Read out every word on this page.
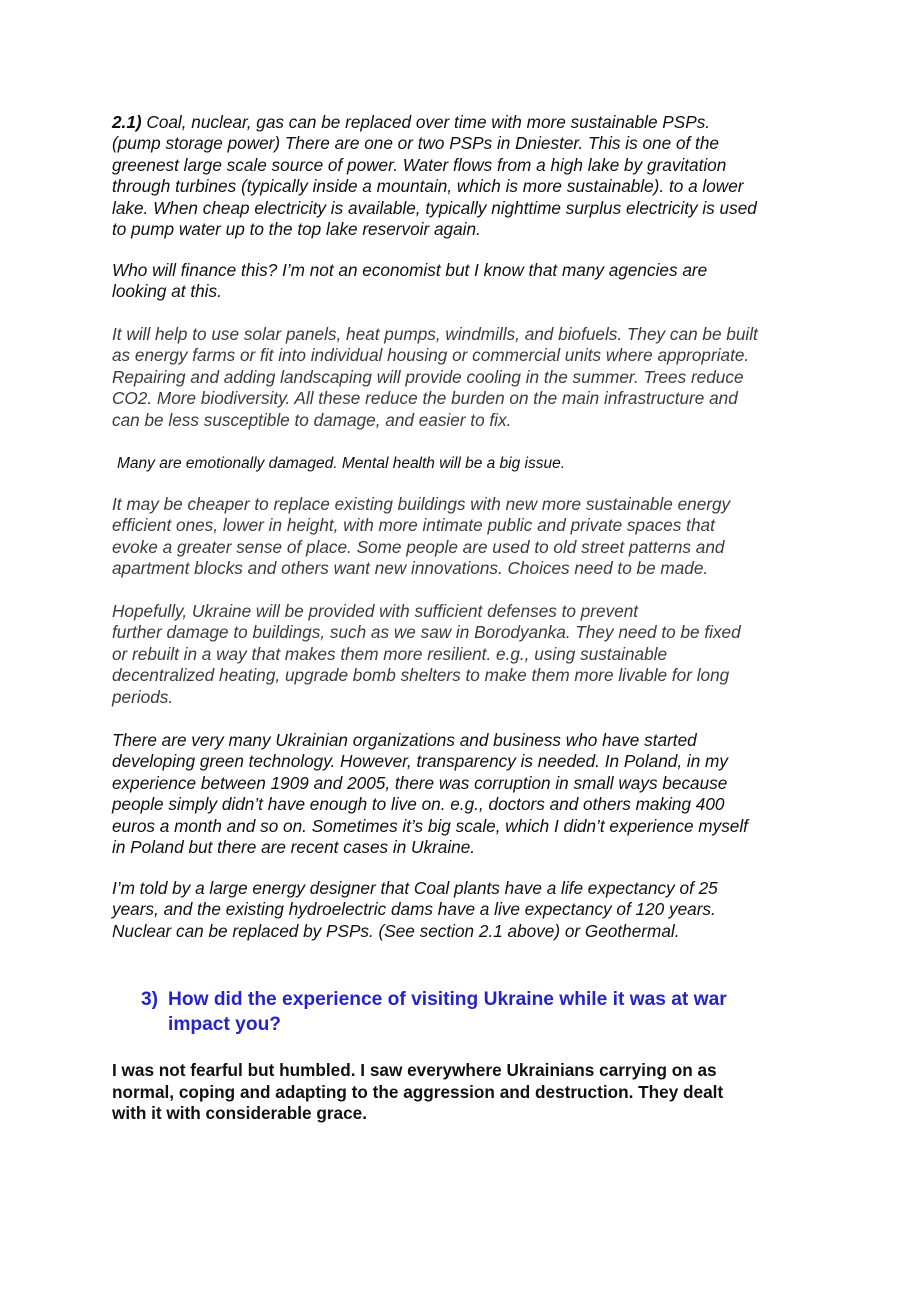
2.1) Coal, nuclear, gas can be replaced over time with more sustainable PSPs.
(pump storage power) There are one or two PSPs in Dniester. This is one of the
greenest large scale source of power. Water flows from a high lake by gravitation
through turbines (typically inside a mountain, which is more sustainable). to a lower
lake. When cheap electricity is available, typically nighttime surplus electricity is used
to pump water up to the top lake reservoir again.

Who will finance this? I’m not an economist but I know that many agencies are
looking at this.

It will help to use solar panels, heat pumps, windmills, and biofuels. They can be built
as energy farms or fit into individual housing or commercial units where appropriate.
Repairing and adding landscaping will provide cooling in the summer. Trees reduce
CO2. More biodiversity. All these reduce the burden on the main infrastructure and
can be less susceptible to damage, and easier to fix.

Many are emotionally damaged. Mental health will be a big issue.

It may be cheaper to replace existing buildings with new more sustainable energy
efficient ones, lower in height, with more intimate public and private spaces that
evoke a greater sense of place. Some people are used to old street patterns and
apartment blocks and others want new innovations. Choices need to be made.

Hopefully, Ukraine will be provided with sufficient defenses to prevent
further damage to buildings, such as we saw in Borodyanka. They need to be fixed
or rebuilt in a way that makes them more resilient. e.g., using sustainable
decentralized heating, upgrade bomb shelters to make them more livable for long
periods.

There are very many Ukrainian organizations and business who have started
developing green technology. However, transparency is needed. In Poland, in my
experience between 1909 and 2005, there was corruption in small ways because
people simply didn’t have enough to live on. e.g., doctors and others making 400
euros a month and so on. Sometimes it’s big scale, which I didn’t experience myself
in Poland but there are recent cases in Ukraine.

I’m told by a large energy designer that Coal plants have a life expectancy of 25
years, and the existing hydroelectric dams have a live expectancy of 120 years.
Nuclear can be replaced by PSPs. (See section 2.1 above) or Geothermal.

3) How did the experience of visiting Ukraine while it was at war
impact you?

I was not fearful but humbled. I saw everywhere Ukrainians carrying on as
normal, coping and adapting to the aggression and destruction. They dealt
with it with considerable grace.
